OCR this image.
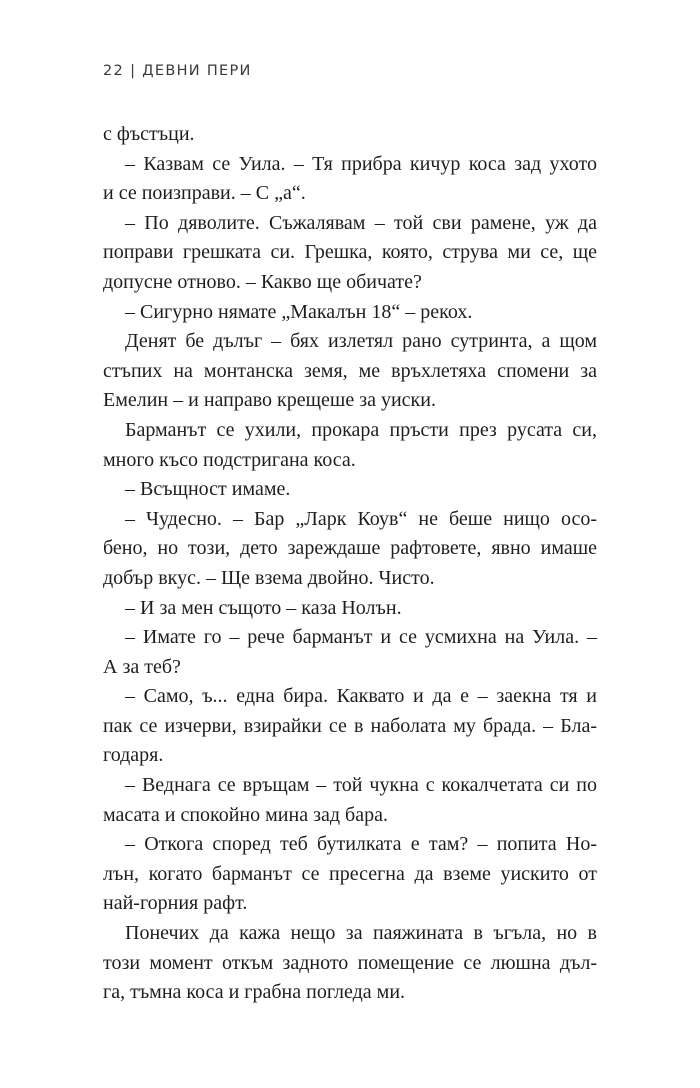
22 | ДЕВНИ ПЕРИ
с фъстъци.
– Казвам се Уила. – Тя прибра кичур коса зад ухото
и се поизправи. – С „а“.
– По дяволите. Съжалявам – той сви рамене, уж да
поправи грешката си. Грешка, която, струва ми се, ще
допусне отново. – Какво ще обичате?
– Сигурно нямате „Макалън 18“ – рекох.
Денят бе дълъг – бях излетял рано сутринта, а щом
стъпих на монтанска земя, ме връхлетяха спомени за
Емелин – и направо крещеше за уиски.
Барманът се ухили, прокара пръсти през русата си,
много късо подстригана коса.
– Всъщност имаме.
– Чудесно. – Бар „Ларк Коув“ не беше нищо осо-
бено, но този, дето зареждаше рафтовете, явно имаше
добър вкус. – Ще взема двойно. Чисто.
– И за мен същото – каза Нолън.
– Имате го – рече барманът и се усмихна на Уила. –
А за теб?
– Само, ъ... една бира. Каквато и да е – заекна тя и
пак се изчерви, взирайки се в наболата му брада. – Бла-
годаря.
– Веднага се връщам – той чукна с кокалчетата си по
масата и спокойно мина зад бара.
– Откога според теб бутилката е там? – попита Но-
лън, когато барманът се пресегна да вземе уискито от
най-горния рафт.
Понечих да кажа нещо за паяжината в ъгъла, но в
този момент откъм задното помещение се люшна дъл-
га, тъмна коса и грабна погледа ми.
